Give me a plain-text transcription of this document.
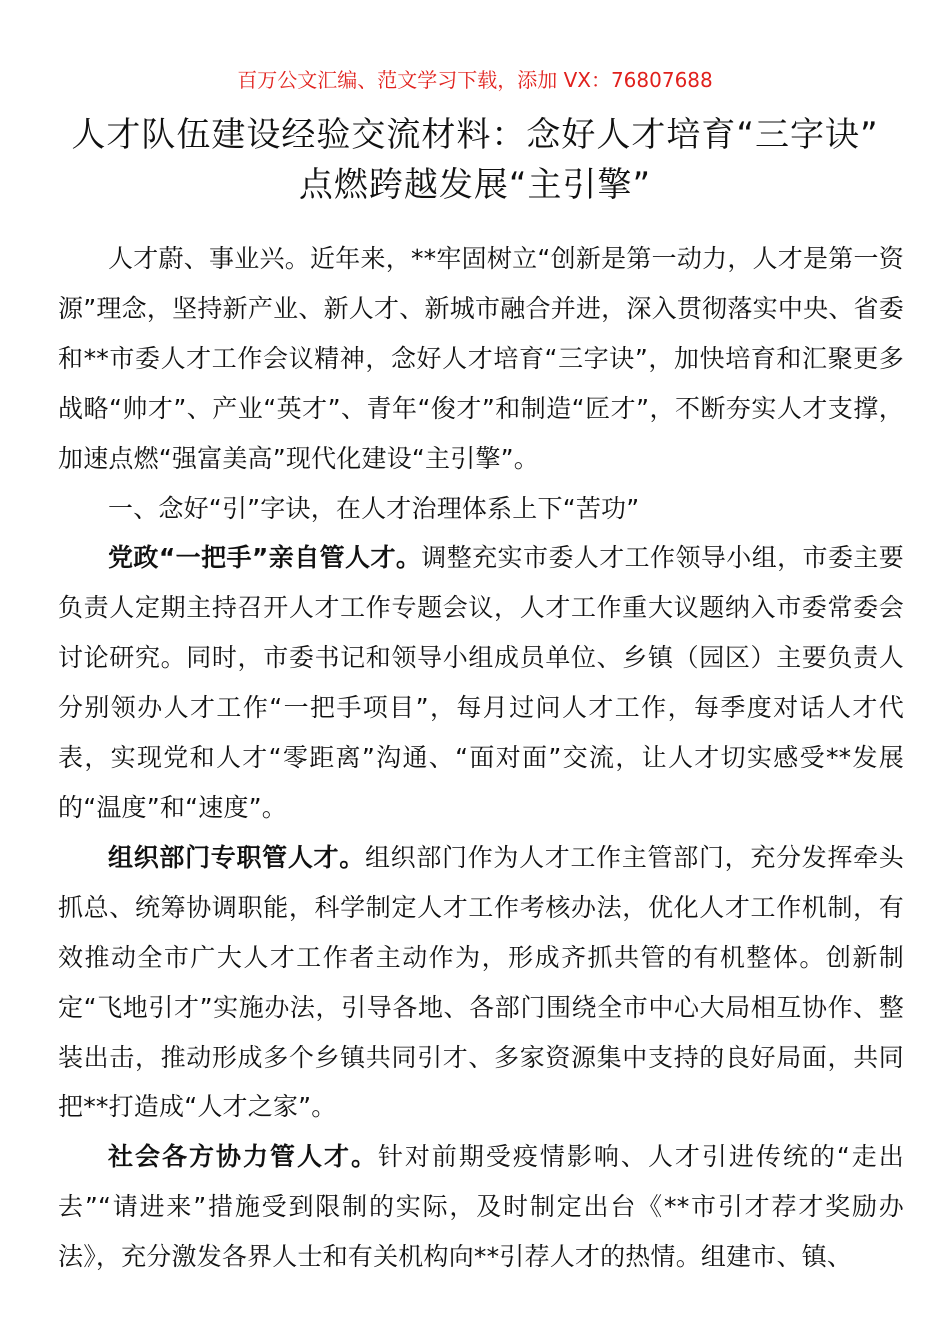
百万公文汇编、范文学习下载，添加 VX：76807688
人才队伍建设经验交流材料：念好人才培育“三字诀” 点燃跨越发展“主引擎”

人才蔚、事业兴。近年来，**牢固树立“创新是第一动力，人才是第一资源”理念，坚持新产业、新人才、新城市融合并进，深入贯彻落实中央、省委和**市委人才工作会议精神，念好人才培育“三字诀”，加快培育和汇聚更多战略“帅才”、产业“英才”、青年“俊才”和制造“匠才”，不断夯实人才支撑，加速点燃“强富美高”现代化建设“主引擎”。

一、念好“引”字诀，在人才治理体系上下“苦功”

党政“一把手”亲自管人才。调整充实市委人才工作领导小组，市委主要负责人定期主持召开人才工作专题会议，人才工作重大议题纳入市委常委会讨论研究。同时，市委书记和领导小组成员单位、乡镇（园区）主要负责人分别领办人才工作“一把手项目”，每月过问人才工作，每季度对话人才代表，实现党和人才“零距离”沟通、“面对面”交流，让人才切实感受**发展的“温度”和“速度”。

组织部门专职管人才。组织部门作为人才工作主管部门，充分发挥牵头抓总、统筹协调职能，科学制定人才工作考核办法，优化人才工作机制，有效推动全市广大人才工作者主动作为，形成齐抓共管的有机整体。创新制定“飞地引才”实施办法，引导各地、各部门围绕全市中心大局相互协作、整装出击，推动形成多个乡镇共同引才、多家资源集中支持的良好局面，共同把**打造成“人才之家”。

社会各方协力管人才。针对前期受疫情影响、人才引进传统的“走出去”“请进来”措施受到限制的实际，及时制定出台《**市引才荐才奖励办法》，充分激发各界人士和有关机构向**引荐人才的热情。组建市、镇、
